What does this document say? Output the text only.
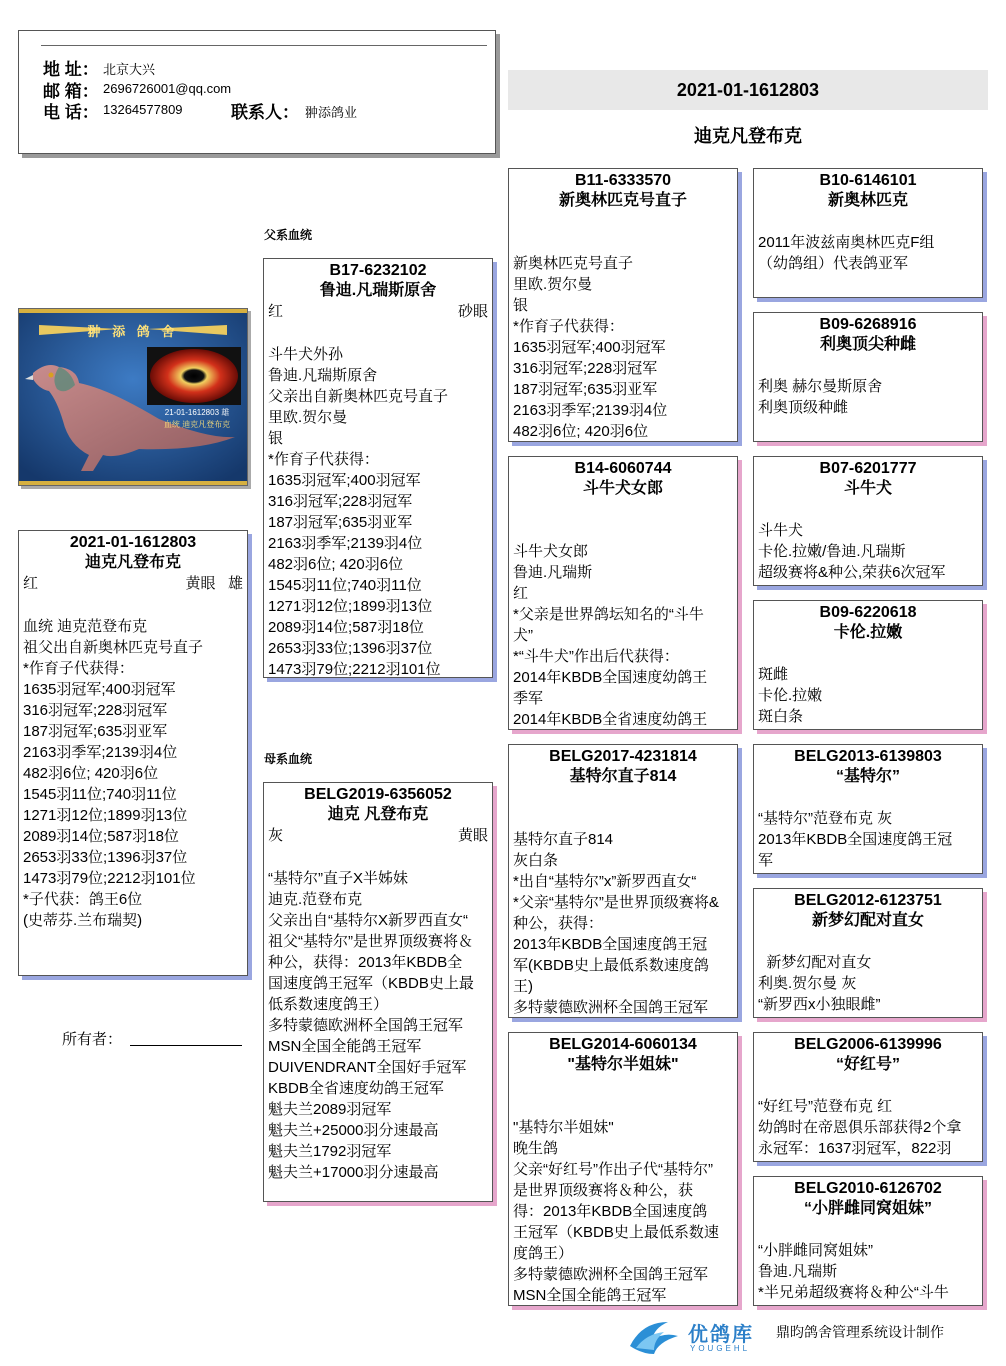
地 址： 北京大兴
邮 箱： 2696726001@qq.com
电 话： 13264577809	联系人： 翀添鸽业
2021-01-1612803
迪克凡登布克
翀 添 鸽 舍
21-01-1612803 雄
血统 迪克凡登布克
父系血统
母系血统
2021-01-1612803
迪克凡登布克
红	黄眼 雄

血统 迪克范登布克
祖父出自新奥林匹克号直子
*作育子代获得：
1635羽冠军;400羽冠军
316羽冠军;228羽冠军
187羽冠军;635羽亚军
2163羽季军;2139羽4位
482羽6位; 420羽6位
1545羽11位;740羽11位
1271羽12位;1899羽13位
2089羽14位;587羽18位
2653羽33位;1396羽37位
1473羽79位;2212羽101位
*子代获：鸽王6位
(史蒂芬.兰布瑞契)
所有者：
B17-6232102
鲁迪.凡瑞斯原舍
红	砂眼

斗牛犬外孙
鲁迪.凡瑞斯原舍
父亲出自新奥林匹克号直子
里欧.贺尔曼
银
*作育子代获得：
1635羽冠军;400羽冠军
316羽冠军;228羽冠军
187羽冠军;635羽亚军
2163羽季军;2139羽4位
482羽6位; 420羽6位
1545羽11位;740羽11位
1271羽12位;1899羽13位
2089羽14位;587羽18位
2653羽33位;1396羽37位
1473羽79位;2212羽101位
BELG2019-6356052
迪克 凡登布克
灰	黄眼

“基特尔”直子X半姊妹
迪克.范登布克
父亲出自“基特尔X新罗西直女“
祖父“基特尔”是世界顶级赛将＆
种公，获得：2013年KBDB全
国速度鸽王冠军（KBDB史上最
低系数速度鸽王）
多特蒙德欧洲杯全国鸽王冠军
MSN全国全能鸽王冠军
DUIVENDRANT全国好手冠军
KBDB全省速度幼鸽王冠军
魁夫兰2089羽冠军
魁夫兰+25000羽分速最高
魁夫兰1792羽冠军
魁夫兰+17000羽分速最高
B11-6333570
新奥林匹克号直子

新奥林匹克号直子
里欧.贺尔曼
银
*作育子代获得：
1635羽冠军;400羽冠军
316羽冠军;228羽冠军
187羽冠军;635羽亚军
2163羽季军;2139羽4位
482羽6位; 420羽6位
B14-6060744
斗牛犬女郎

斗牛犬女郎
鲁迪.凡瑞斯
红
*父亲是世界鸽坛知名的“斗牛
犬”
*“斗牛犬”作出后代获得：
2014年KBDB全国速度幼鸽王
季军
2014年KBDB全省速度幼鸽王
BELG2017-4231814
基特尔直子814

基特尔直子814
灰白条
*出自“基特尔”x”新罗西直女“
*父亲“基特尔”是世界顶级赛将&
种公，获得：
2013年KBDB全国速度鸽王冠
军(KBDB史上最低系数速度鸽
王)
多特蒙德欧洲杯全国鸽王冠军
BELG2014-6060134
"基特尔半姐妹"

"基特尔半姐妹"
晚生鸽
父亲“好红号”作出子代“基特尔”
是世界顶级赛将＆种公，获
得：2013年KBDB全国速度鸽
王冠军（KBDB史上最低系数速
度鸽王）
多特蒙德欧洲杯全国鸽王冠军
MSN全国全能鸽王冠军
B10-6146101
新奥林匹克

2011年波兹南奥林匹克F组
（幼鸽组）代表鸽亚军
B09-6268916
利奥顶尖种雌

利奥 赫尔曼斯原舍
利奥顶级种雌
B07-6201777
斗牛犬

斗牛犬
卡伦.拉嫩/鲁迪.凡瑞斯
超级赛将&种公,荣获6次冠军
B09-6220618
卡伦.拉嫩

斑雌
卡伦.拉嫩
斑白条
BELG2013-6139803
“基特尔”

“基特尔”范登布克 灰
2013年KBDB全国速度鸽王冠
军
BELG2012-6123751
新梦幻配对直女

新梦幻配对直女
利奥.贺尔曼 灰
“新罗西x小独眼雌”
BELG2006-6139996
“好红号”

“好红号”范登布克 红
幼鸽时在帝恩俱乐部获得2个拿
永冠军：1637羽冠军，822羽
BELG2010-6126702
“小胖雌同窝姐妹”

“小胖雌同窝姐妹”
鲁迪.凡瑞斯
*半兄弟超级赛将＆种公“斗牛
优鸽库
YOUGEHL
鼎昀鸽舍管理系统设计制作
